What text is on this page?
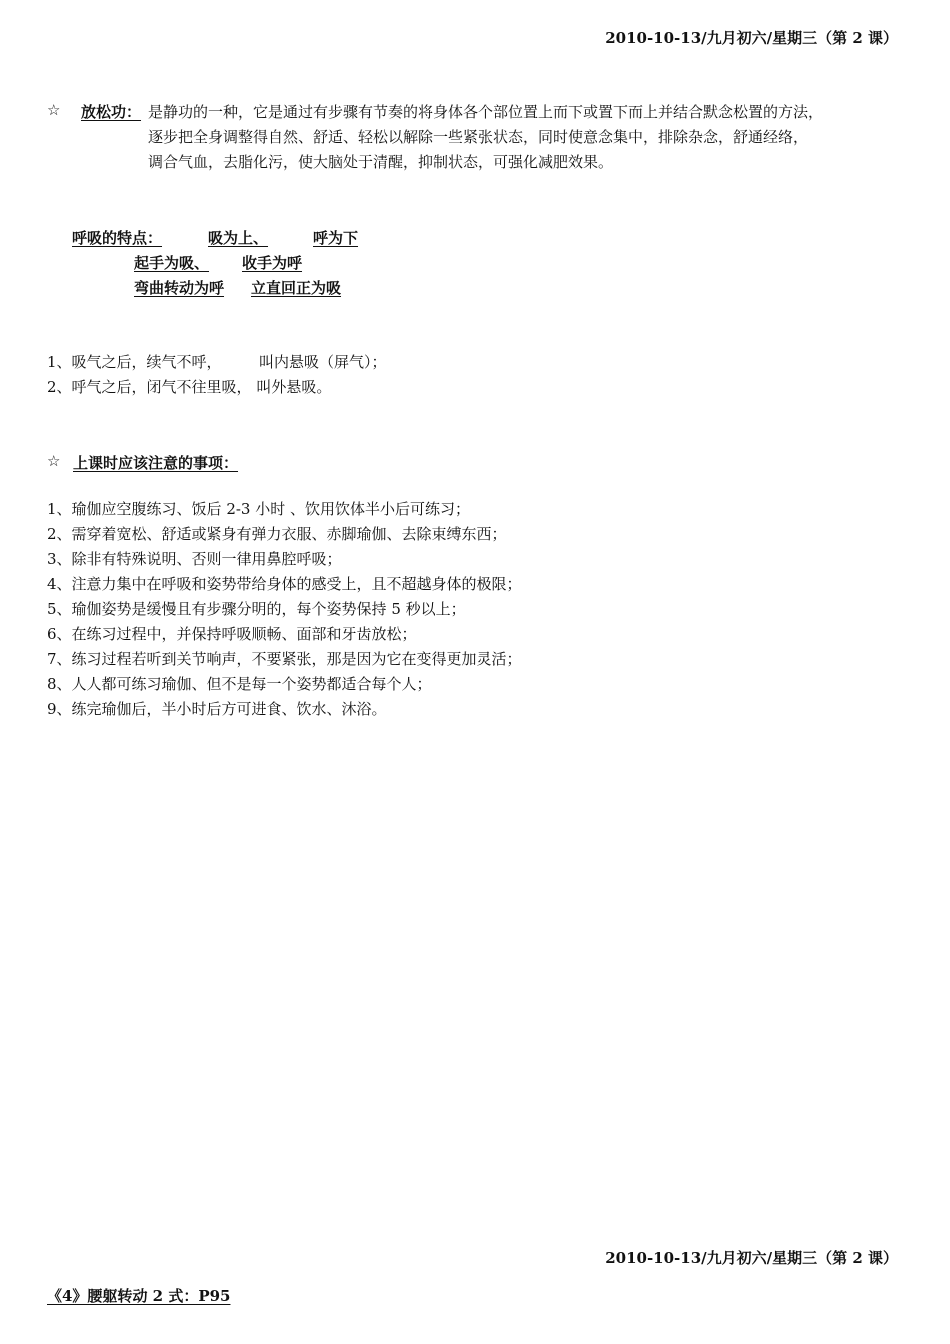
2010-10-13/九月初六/星期三（第 2 课）
☆ 放松功： 是静功的一种，它是通过有步骤有节奏的将身体各个部位置上而下或置下而上并结合默念松置的方法，
逐步把全身调整得自然、舒适、轻松以解除一些紧张状态，同时使意念集中，排除杂念，舒通经络，
调合气血，去脂化污，使大脑处于清醒，抑制状态，可强化减肥效果。
呼吸的特点：	吸为上、	呼为下
起手为吸、 收手为呼
弯曲转动为呼 立直回正为吸
1、吸气之后，续气不呼， 叫内悬吸（屏气）；
2、呼气之后，闭气不往里吸， 叫外悬吸。
☆ 上课时应该注意的事项：
1、瑜伽应空腹练习、饭后 2-3 小时 、饮用饮体半小后可练习；
2、需穿着宽松、舒适或紧身有弹力衣服、赤脚瑜伽、去除束缚东西；
3、除非有特殊说明、否则一律用鼻腔呼吸；
4、注意力集中在呼吸和姿势带给身体的感受上，且不超越身体的极限；
5、瑜伽姿势是缓慢且有步骤分明的，每个姿势保持 5 秒以上；
6、在练习过程中，并保持呼吸顺畅、面部和牙齿放松；
7、练习过程若听到关节响声，不要紧张，那是因为它在变得更加灵活；
8、人人都可练习瑜伽、但不是每一个姿势都适合每个人；
9、练完瑜伽后，半小时后方可进食、饮水、沐浴。
2010-10-13/九月初六/星期三（第 2 课）
《4》腰躯转动 2 式：P95
